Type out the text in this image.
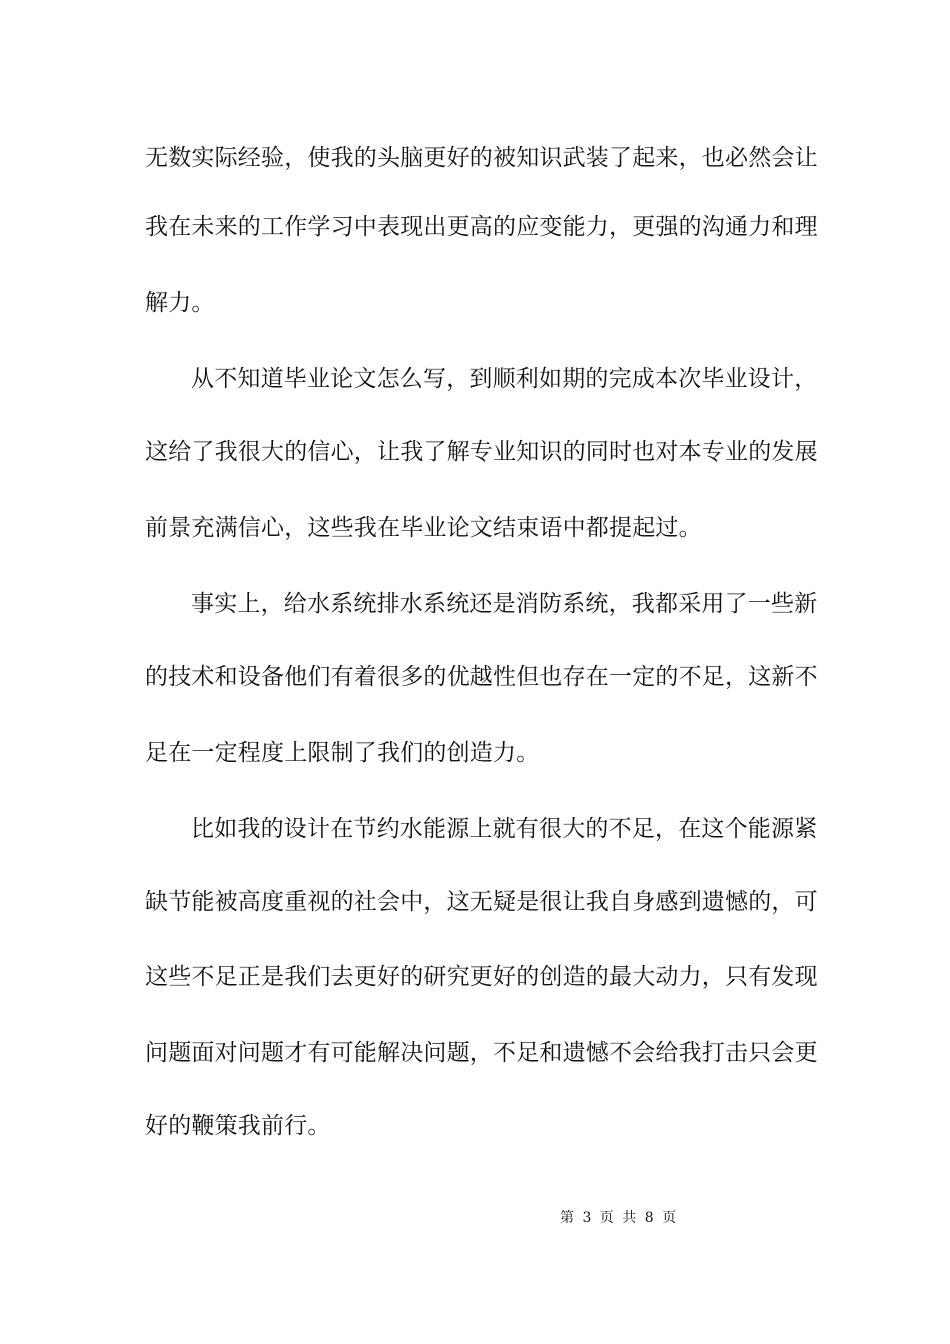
无数实际经验，使我的头脑更好的被知识武装了起来，也必然会让
我在未来的工作学习中表现出更高的应变能力，更强的沟通力和理
解力。
从不知道毕业论文怎么写，到顺利如期的完成本次毕业设计，
这给了我很大的信心，让我了解专业知识的同时也对本专业的发展
前景充满信心，这些我在毕业论文结束语中都提起过。
事实上，给水系统排水系统还是消防系统，我都采用了一些新
的技术和设备他们有着很多的优越性但也存在一定的不足，这新不
足在一定程度上限制了我们的创造力。
比如我的设计在节约水能源上就有很大的不足，在这个能源紧
缺节能被高度重视的社会中，这无疑是很让我自身感到遗憾的，可
这些不足正是我们去更好的研究更好的创造的最大动力，只有发现
问题面对问题才有可能解决问题，不足和遗憾不会给我打击只会更
好的鞭策我前行。
第 3 页 共 8 页
